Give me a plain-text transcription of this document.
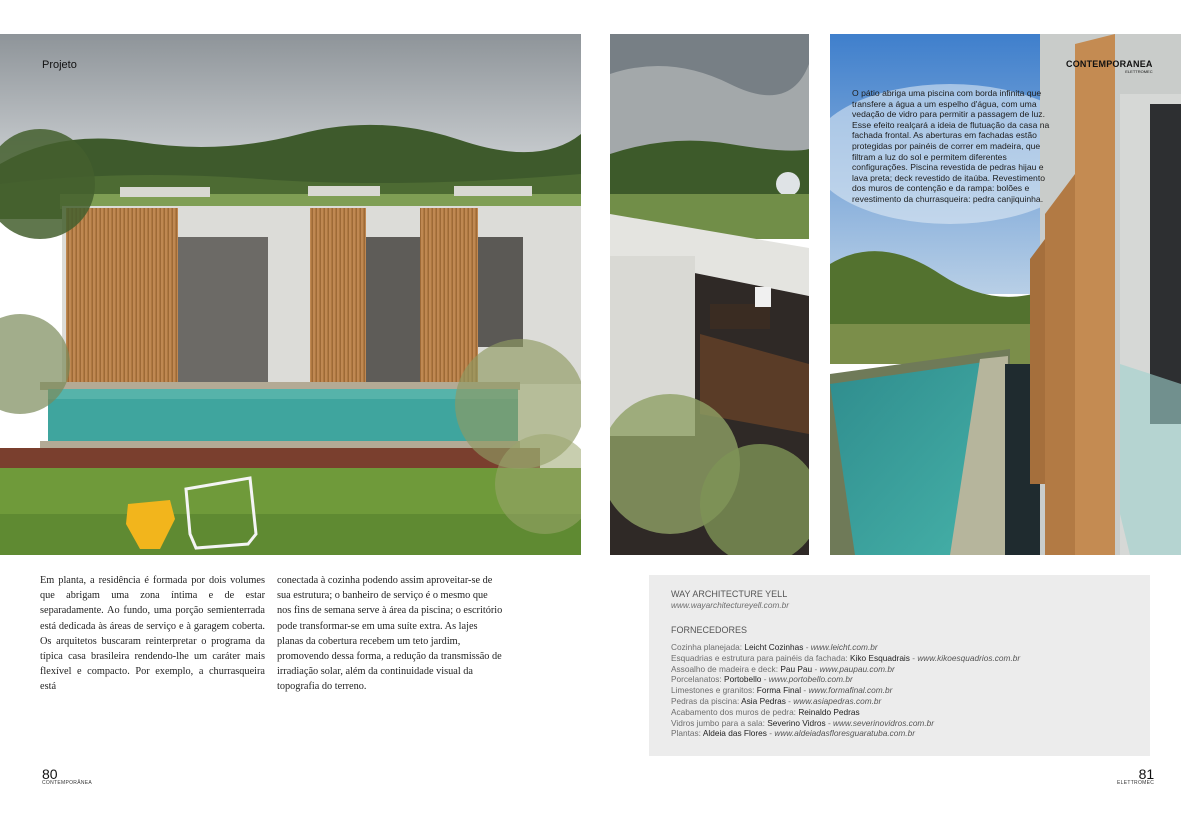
Projeto	CONTEMPORANEA
ELETTROMEC
O pátio abriga uma piscina com borda infinita que transfere a água a um espelho d'água, com uma vedação de vidro para permitir a passagem de luz. Esse efeito realçará a ideia de flutuação da casa na fachada frontal. As aberturas em fachadas estão protegidas por painéis de correr em madeira, que filtram a luz do sol e permitem diferentes configurações. Piscina revestida de pedras hijau e lava preta; deck revestido de itaúba. Revestimento dos muros de contenção e da rampa: bolões e revestimento da churrasqueira: pedra canjiquinha.
Em planta, a residência é formada por dois volumes que abrigam uma zona íntima e de estar separadamente. Ao fundo, uma porção semienterrada está dedicada às áreas de serviço e à garagem coberta. Os arquitetos buscaram reinterpretar o programa da típica casa brasileira rendendo-lhe um caráter mais flexível e compacto. Por exemplo, a churrasqueira está
conectada à cozinha podendo assim aproveitar-se de sua estrutura; o banheiro de serviço é o mesmo que nos fins de semana serve à área da piscina; o escritório pode transformar-se em uma suíte extra. As lajes planas da cobertura recebem um teto jardim, promovendo dessa forma, a redução da transmissão de irradiação solar, além da continuidade visual da topografia do terreno.
WAY ARCHITECTURE YELL
www.wayarchitectureyell.com.br
FORNECEDORES
Cozinha planejada: Leicht Cozinhas - www.leicht.com.br
Esquadrias e estrutura para painéis da fachada: Kiko Esquadrais - www.kikoesquadrios.com.br
Assoalho de madeira e deck: Pau Pau - www.paupau.com.br
Porcelanatos: Portobello - www.portobello.com.br
Limestones e granitos: Forma Final - www.formafinal.com.br
Pedras da piscina: Asia Pedras - www.asiapedras.com.br
Acabamento dos muros de pedra: Reinaldo Pedras
Vidros jumbo para a sala: Severino Vidros - www.severinovidros.com.br
Plantas: Aldeia das Flores - www.aldeiadasfloresguaratuba.com.br
80
CONTEMPORÂNEA
81
ELETTROMEC
